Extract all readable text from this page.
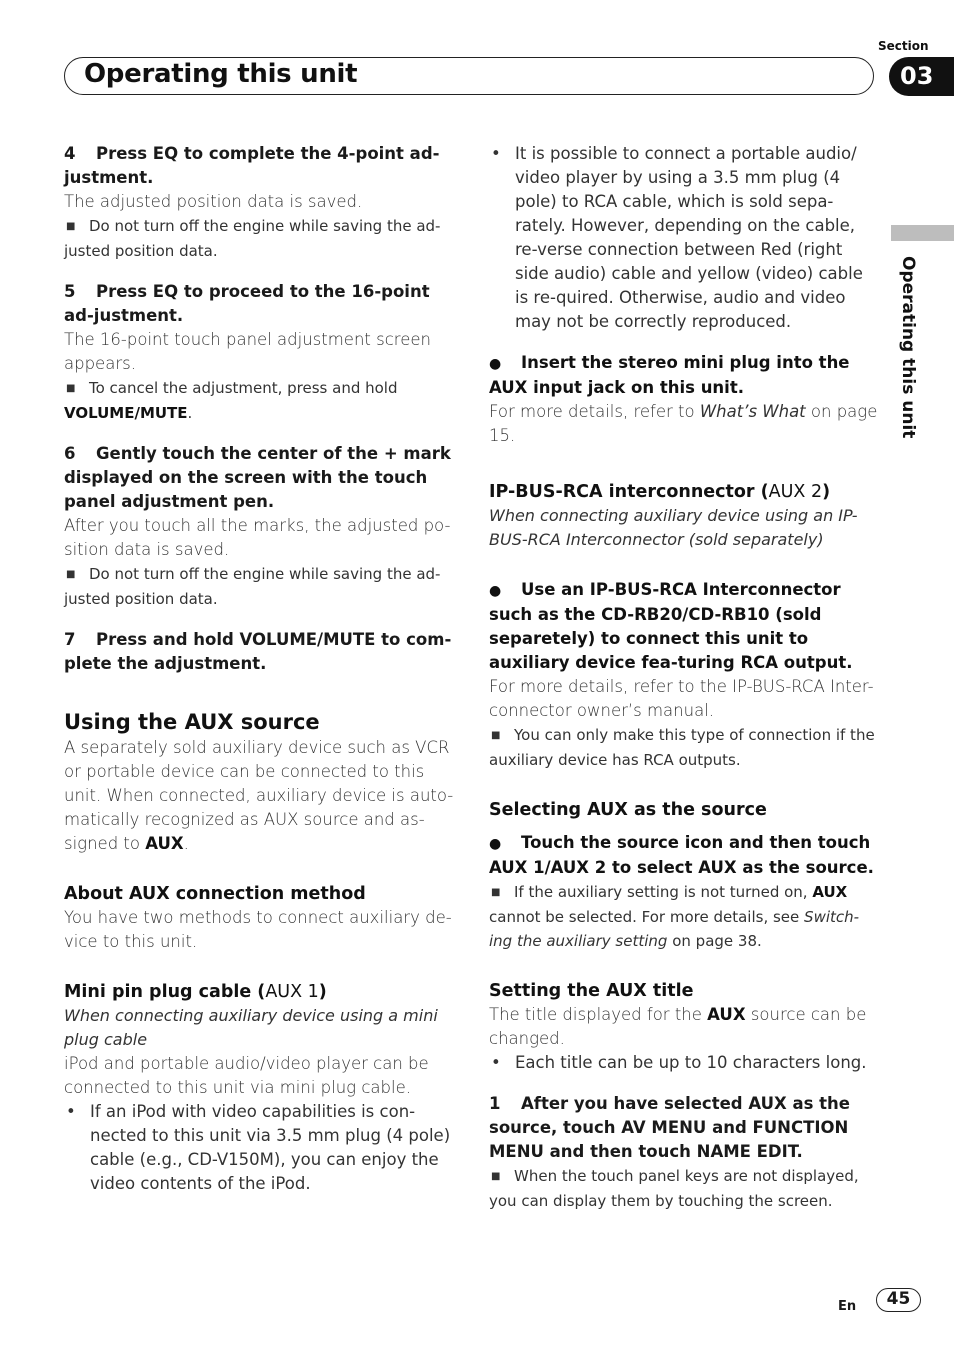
Operating this unit
Section
03
Operating this unit

4 Press EQ to complete the 4-point ad-justment.

The adjusted position data is saved.

■ Do not turn off the engine while saving the ad-justed position data.

5 Press EQ to proceed to the 16-point ad-justment.

The 16-point touch panel adjustment screen appears.

■ To cancel the adjustment, press and hold VOLUME/MUTE.

6 Gently touch the center of the + mark displayed on the screen with the touch panel adjustment pen.

After you touch all the marks, the adjusted po-sition data is saved.

■ Do not turn off the engine while saving the ad-justed position data.

7 Press and hold VOLUME/MUTE to com-plete the adjustment.

Using the AUX source

A separately sold auxiliary device such as VCR or portable device can be connected to this unit. When connected, auxiliary device is auto-matically recognized as AUX source and as-signed to AUX.

About AUX connection method

You have two methods to connect auxiliary de-vice to this unit.

Mini pin plug cable (AUX 1)

When connecting auxiliary device using a mini plug cable

iPod and portable audio/video player can be connected to this unit via mini plug cable.

• If an iPod with video capabilities is con-nected to this unit via 3.5 mm plug (4 pole) cable (e.g., CD-V150M), you can enjoy the video contents of the iPod.
• It is possible to connect a portable audio/ video player by using a 3.5 mm plug (4 pole) to RCA cable, which is sold sepa-rately. However, depending on the cable, re-verse connection between Red (right side audio) cable and yellow (video) cable is re-quired. Otherwise, audio and video may not be correctly reproduced.

● Insert the stereo mini plug into the AUX input jack on this unit.

For more details, refer to What’s What on page 15.

IP-BUS-RCA interconnector (AUX 2)

When connecting auxiliary device using an IP-BUS-RCA Interconnector (sold separately)

● Use an IP-BUS-RCA Interconnector such as the CD-RB20/CD-RB10 (sold separetely) to connect this unit to auxiliary device fea-turing RCA output.

For more details, refer to the IP-BUS-RCA Inter-connector owner’s manual.

■ You can only make this type of connection if the auxiliary device has RCA outputs.

Selecting AUX as the source

● Touch the source icon and then touch AUX 1/AUX 2 to select AUX as the source.

■ If the auxiliary setting is not turned on, AUX cannot be selected. For more details, see Switch-ing the auxiliary setting on page 38.

Setting the AUX title

The title displayed for the AUX source can be changed.

• Each title can be up to 10 characters long.

1 After you have selected AUX as the source, touch AV MENU and FUNCTION MENU and then touch NAME EDIT.

■ When the touch panel keys are not displayed, you can display them by touching the screen.

En	45
